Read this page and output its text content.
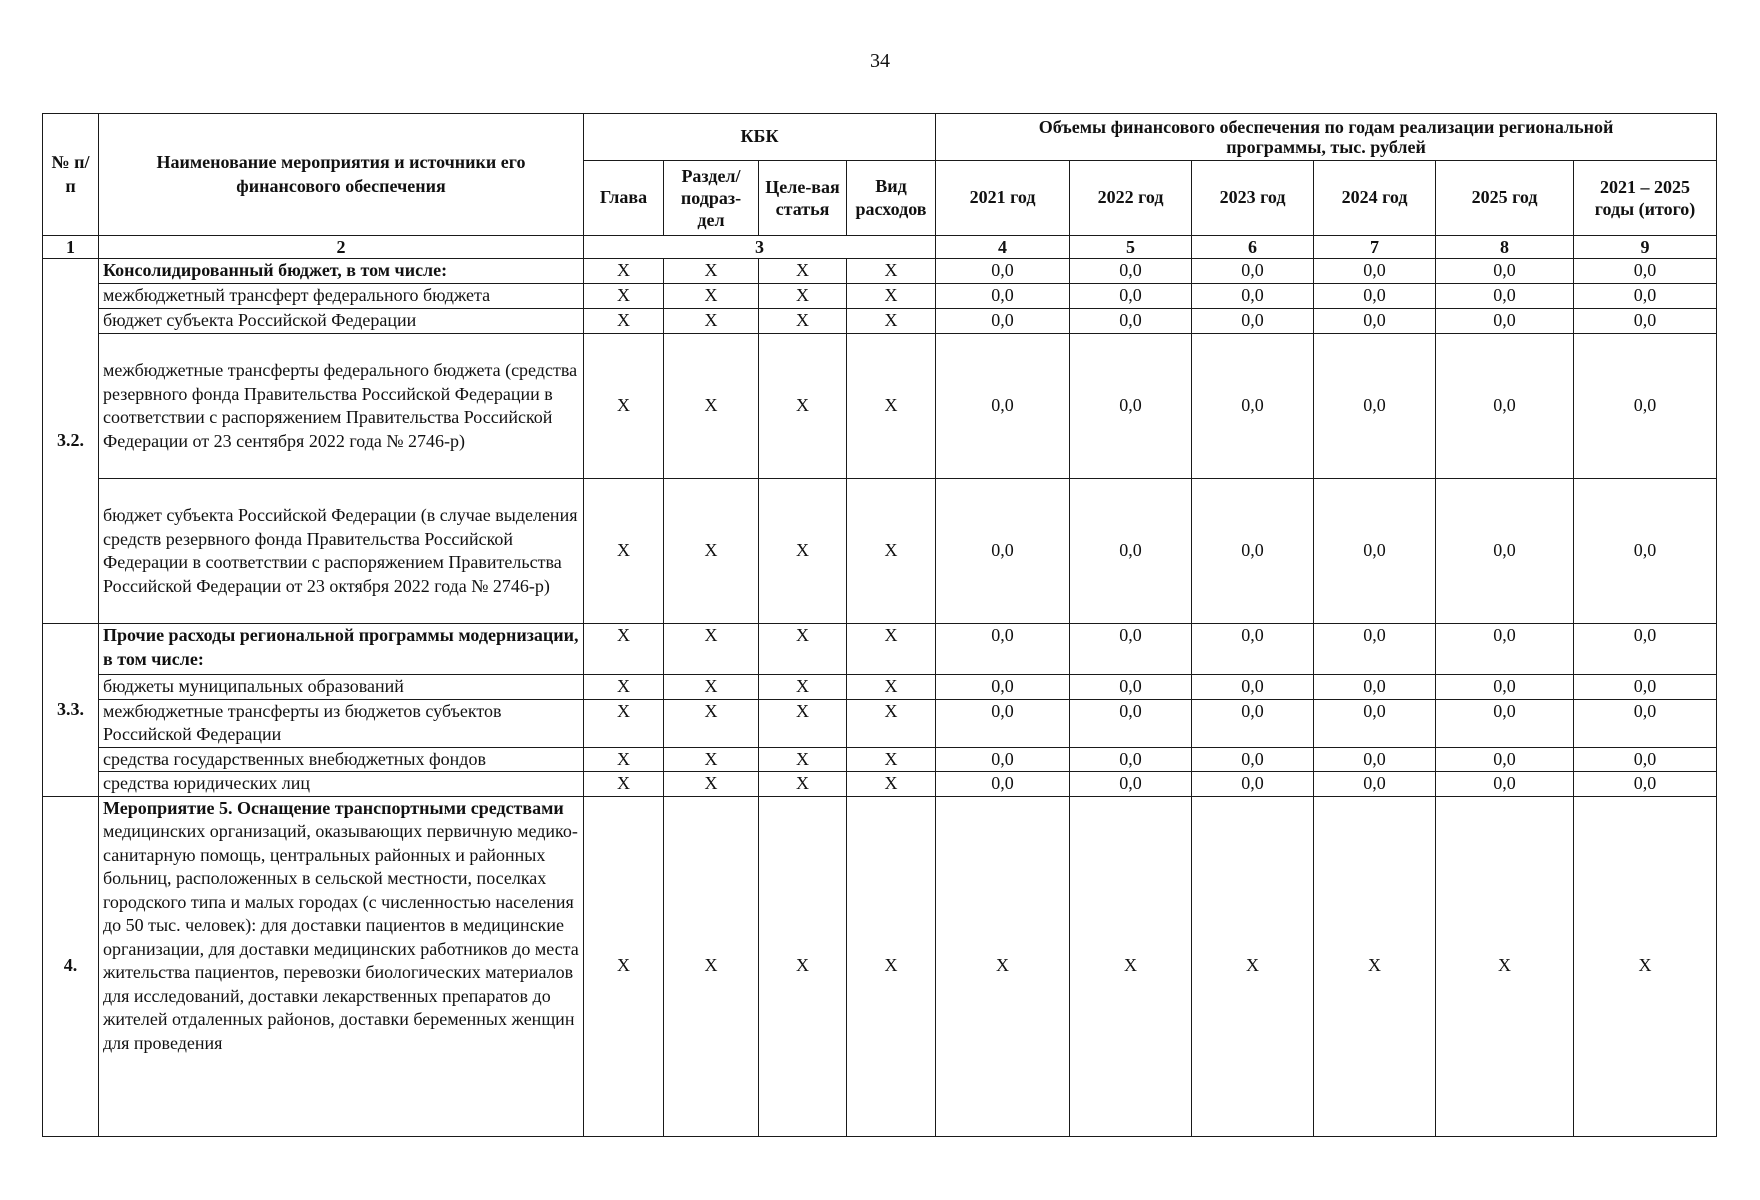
34
№ п/п	Наименование мероприятия и источники его финансового обеспечения	КБК				Объемы финансового обеспечения по годам реализации региональной программы, тыс. рублей					
		Глава	Раздел/ подраз-дел	Целе-вая статья	Вид расходов	2021 год	2022 год	2023 год	2024 год	2025 год	2021 – 2025 годы (итого)
1	2	3				4	5	6	7	8	9
3.2.	Консолидированный бюджет, в том числе:	X	X	X	X	0,0	0,0	0,0	0,0	0,0	0,0
	межбюджетный трансферт федерального бюджета	X	X	X	X	0,0	0,0	0,0	0,0	0,0	0,0
	бюджет субъекта Российской Федерации	X	X	X	X	0,0	0,0	0,0	0,0	0,0	0,0
	межбюджетные трансферты федерального бюджета (средства резервного фонда Правительства Российской Федерации в соответствии с распоряжением Правительства Российской Федерации от 23 сентября 2022 года № 2746-р)	X	X	X	X	0,0	0,0	0,0	0,0	0,0	0,0
	бюджет субъекта Российской Федерации (в случае выделения средств резервного фонда Правительства Российской Федерации в соответствии с распоряжением Правительства Российской Федерации от 23 октября 2022 года № 2746-р)	X	X	X	X	0,0	0,0	0,0	0,0	0,0	0,0
3.3.	Прочие расходы региональной программы модернизации, в том числе:	X	X	X	X	0,0	0,0	0,0	0,0	0,0	0,0
	бюджеты муниципальных образований	X	X	X	X	0,0	0,0	0,0	0,0	0,0	0,0
	межбюджетные трансферты из бюджетов субъектов Российской Федерации	X	X	X	X	0,0	0,0	0,0	0,0	0,0	0,0
	средства государственных внебюджетных фондов	X	X	X	X	0,0	0,0	0,0	0,0	0,0	0,0
	средства юридических лиц	X	X	X	X	0,0	0,0	0,0	0,0	0,0	0,0
4.	Мероприятие 5. Оснащение транспортными средствами медицинских организаций, оказывающих первичную медико-санитарную помощь, центральных районных и районных больниц, расположенных в сельской местности, поселках городского типа и малых городах (с численностью населения до 50 тыс. человек): для доставки пациентов в медицинские организации, для доставки медицинских работников до места жительства пациентов, перевозки биологических материалов для исследований, доставки лекарственных препаратов до жителей отдаленных районов, доставки беременных женщин для проведения	X	X	X	X	X	X	X	X	X	X
